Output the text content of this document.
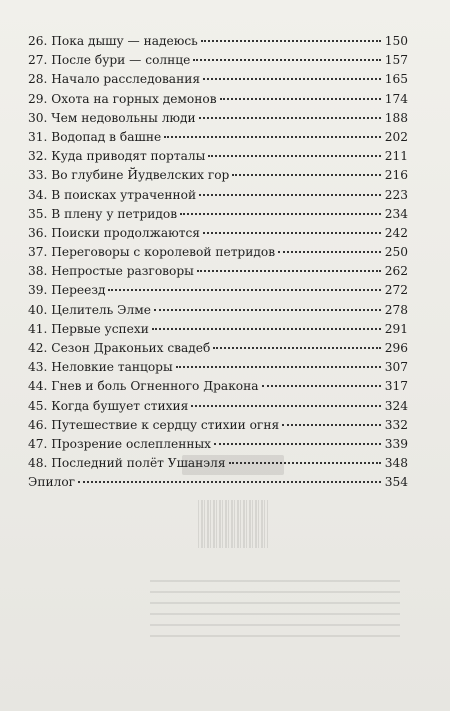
26. Пока дышу — надеюсь	150
27. После бури — солнце	157
28. Начало расследования	165
29. Охота на горных демонов	174
30. Чем недовольны люди	188
31. Водопад в башне	202
32. Куда приводят порталы	211
33. Во глубине Йудвелских гор	216
34. В поисках утраченной	223
35. В плену у петридов	234
36. Поиски продолжаются	242
37. Переговоры с королевой петридов	250
38. Непростые разговоры	262
39. Переезд	272
40. Целитель Элме	278
41. Первые успехи	291
42. Сезон Драконьих свадеб	296
43. Неловкие танцоры	307
44. Гнев и боль Огненного Дракона	317
45. Когда бушует стихия	324
46. Путешествие к сердцу стихии огня	332
47. Прозрение ослепленных	339
48. Последний полёт Ушанэля	348
Эпилог	354
